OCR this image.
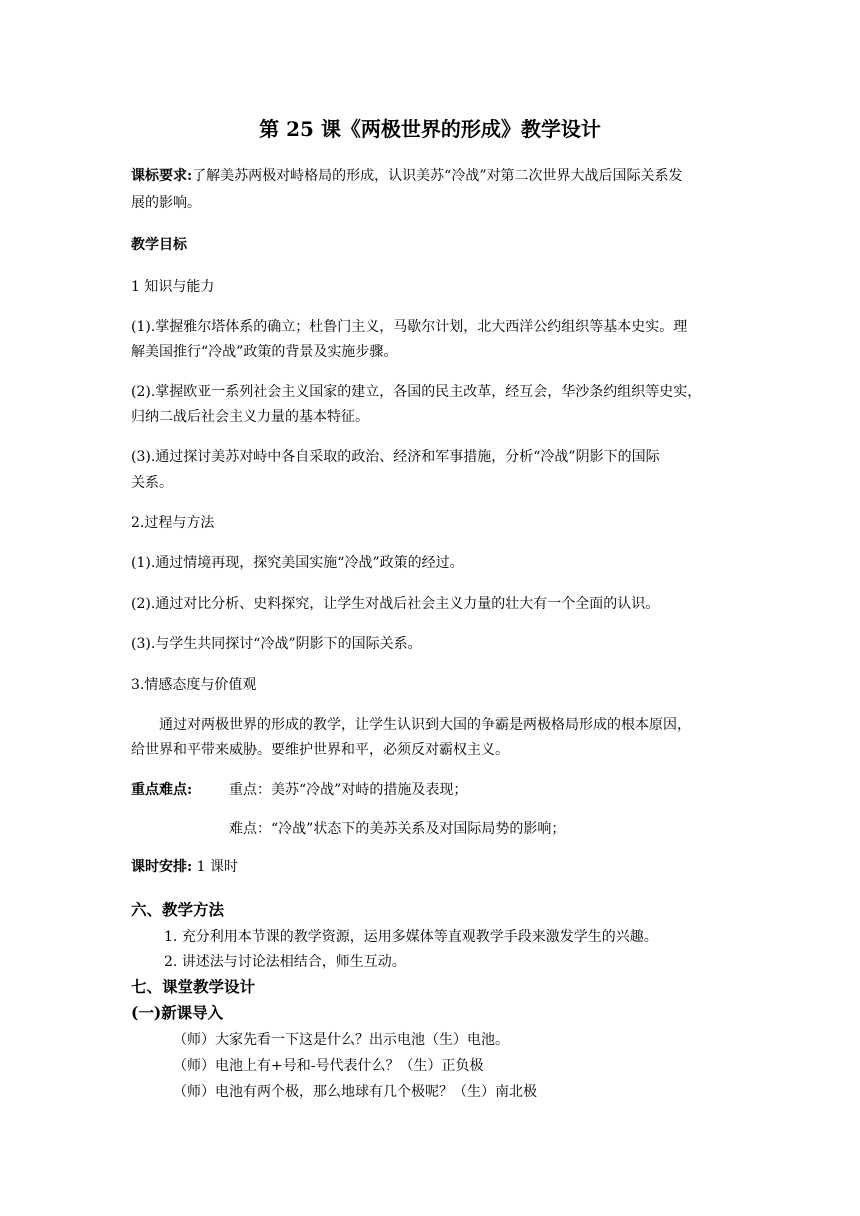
第 25 课《两极世界的形成》教学设计
课标要求:了解美苏两极对峙格局的形成，认识美苏“冷战”对第二次世界大战后国际关系发
展的影响。
教学目标
1 知识与能力
(1).掌握雅尔塔体系的确立；杜鲁门主义，马歇尔计划，北大西洋公约组织等基本史实。理
解美国推行“冷战”政策的背景及实施步骤。
(2).掌握欧亚一系列社会主义国家的建立，各国的民主改革，经互会，华沙条约组织等史实，
归纳二战后社会主义力量的基本特征。
(3).通过探讨美苏对峙中各自采取的政治、经济和军事措施，分析“冷战”阴影下的国际
关系。
2.过程与方法
(1).通过情境再现，探究美国实施“冷战”政策的经过。
(2).通过对比分析、史料探究，让学生对战后社会主义力量的壮大有一个全面的认识。
(3).与学生共同探讨“冷战”阴影下的国际关系。
3.情感态度与价值观
通过对两极世界的形成的教学，让学生认识到大国的争霸是两极格局形成的根本原因，
给世界和平带来威胁。要维护世界和平，必须反对霸权主义。
重点难点:	重点：美苏“冷战”对峙的措施及表现；
难点：“冷战”状态下的美苏关系及对国际局势的影响；
课时安排: 1 课时
六、教学方法
1. 充分利用本节课的教学资源，运用多媒体等直观教学手段来激发学生的兴趣。
2. 讲述法与讨论法相结合，师生互动。
七、课堂教学设计
(一)新课导入
（师）大家先看一下这是什么？出示电池（生）电池。
（师）电池上有+号和-号代表什么？（生）正负极
（师）电池有两个极，那么地球有几个极呢？（生）南北极
